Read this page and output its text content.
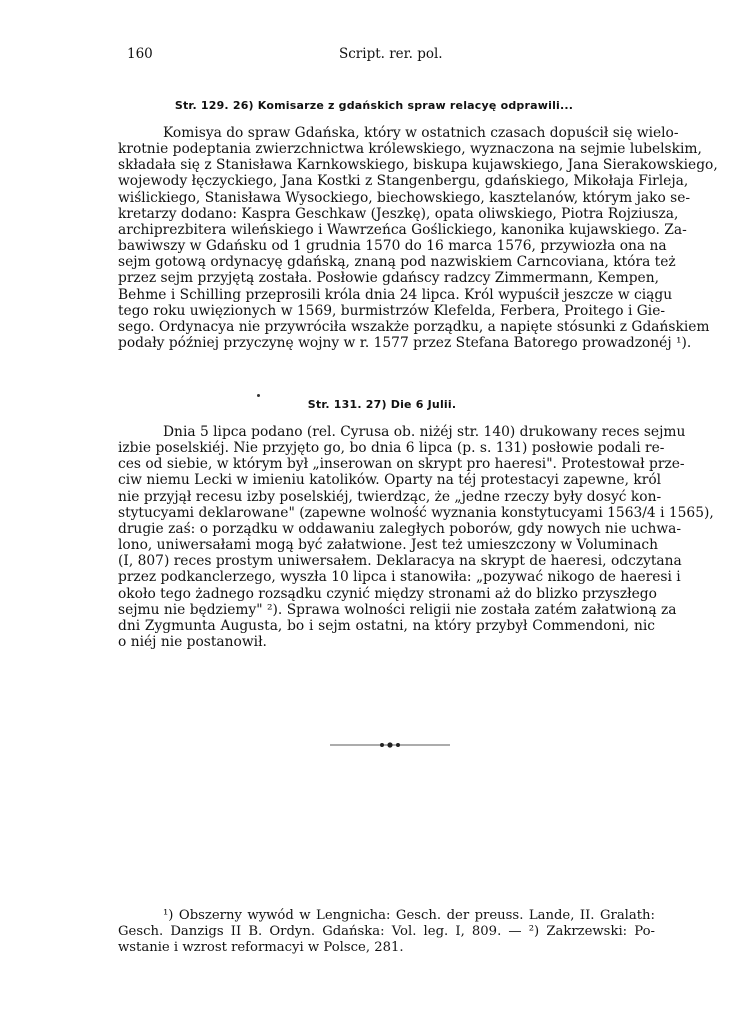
160	Script. rer. pol.
Str. 129. 26) Komisarze z gdańskich spraw relacyę odprawili...
Komisya do spraw Gdańska, który w ostatnich czasach dopuścił się wielo-
krotnie podeptania zwierzchnictwa królewskiego, wyznaczona na sejmie lubelskim,
składała się z Stanisława Karnkowskiego, biskupa kujawskiego, Jana Sierakowskiego,
wojewody łęczyckiego, Jana Kostki z Stangenbergu, gdańskiego, Mikołaja Firleja,
wiślickiego, Stanisława Wysockiego, biechowskiego, kasztelanów, którym jako se-
kretarzy dodano: Kaspra Geschkaw (Jeszkę), opata oliwskiego, Piotra Rojziusza,
archiprezbitera wileńskiego i Wawrzeńca Goślickiego, kanonika kujawskiego. Za-
bawiwszy w Gdańsku od 1 grudnia 1570 do 16 marca 1576, przywiozła ona na
sejm gotową ordynacyę gdańską, znaną pod nazwiskiem Carncoviana, która też
przez sejm przyjętą została. Posłowie gdańscy radzcy Zimmermann, Kempen,
Behme i Schilling przeprosili króla dnia 24 lipca. Król wypuścił jeszcze w ciągu
tego roku uwięzionych w 1569, burmistrzów Klefelda, Ferbera, Proitego i Gie-
sego. Ordynacya nie przywróciła wszakże porządku, a napięte stósunki z Gdańskiem
podały później przyczynę wojny w r. 1577 przez Stefana Batorego prowadzonéj ¹).
Str. 131. 27) Die 6 Julii.
Dnia 5 lipca podano (rel. Cyrusa ob. niżéj str. 140) drukowany reces sejmu
izbie poselskiéj. Nie przyjęto go, bo dnia 6 lipca (p. s. 131) posłowie podali re-
ces od siebie, w którym był „inserowan on skrypt pro haeresi". Protestował prze-
ciw niemu Lecki w imieniu katolików. Oparty na téj protestacyi zapewne, król
nie przyjął recesu izby poselskiéj, twierdząc, że „jedne rzeczy były dosyć kon-
stytucyami deklarowane" (zapewne wolność wyznania konstytucyami 1563/4 i 1565),
drugie zaś: o porządku w oddawaniu zaległych poborów, gdy nowych nie uchwa-
lono, uniwersałami mogą być załatwione. Jest też umieszczony w Voluminach
(I, 807) reces prostym uniwersałem. Deklaracya na skrypt de haeresi, odczytana
przez podkanclerzego, wyszła 10 lipca i stanowiła: „pozywać nikogo de haeresi i
około tego żadnego rozsądku czynić między stronami aż do blizko przyszłego
sejmu nie będziemy" ²). Sprawa wolności religii nie została zatém załatwioną za
dni Zygmunta Augusta, bo i sejm ostatni, na który przybył Commendoni, nic
o niéj nie postanowił.
¹) Obszerny wywód w Lengnicha: Gesch. der preuss. Lande, II. Gralath:
Gesch. Danzigs II B. Ordyn. Gdańska: Vol. leg. I, 809. — ²) Zakrzewski: Po-
wstanie i wzrost reformacyi w Polsce, 281.
